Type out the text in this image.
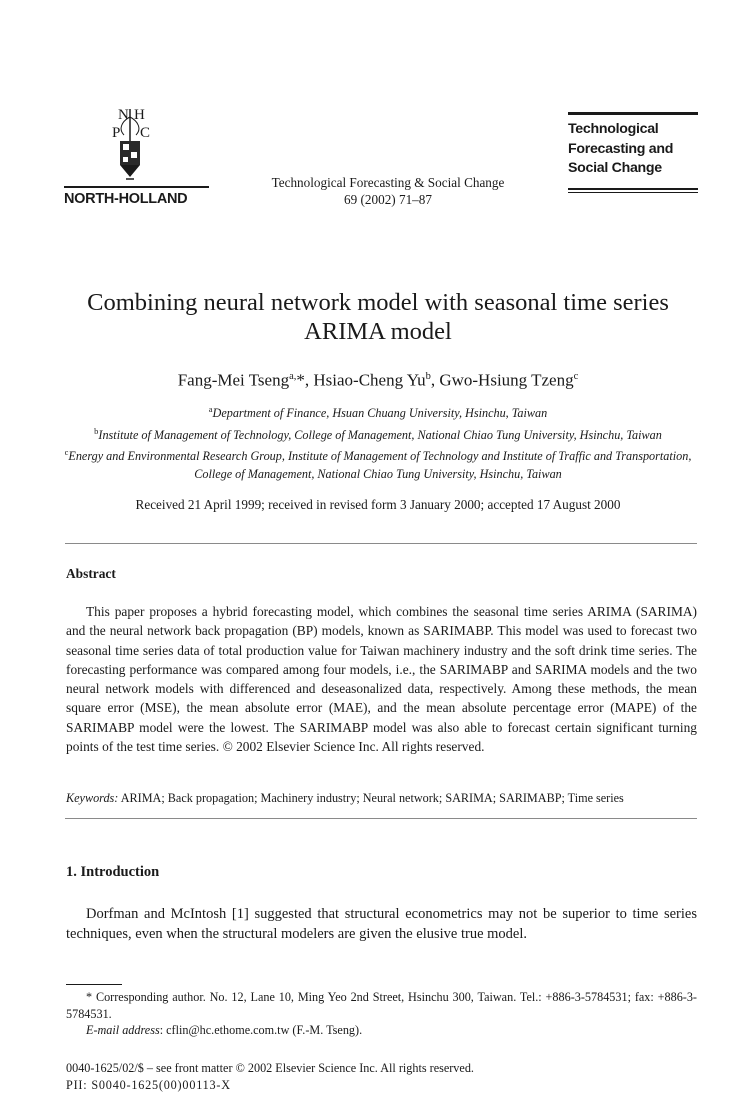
N H
P C
NORTH-HOLLAND
Technological Forecasting & Social Change
69 (2002) 71–87
Technological
Forecasting and
Social Change
Combining neural network model with seasonal time series ARIMA model
Fang-Mei Tseng$^{a,}$*, Hsiao-Cheng Yu$^b$, Gwo-Hsiung Tzeng$^c$
$^a$Department of Finance, Hsuan Chuang University, Hsinchu, Taiwan
$^b$Institute of Management of Technology, College of Management, National Chiao Tung University, Hsinchu, Taiwan
$^c$Energy and Environmental Research Group, Institute of Management of Technology and Institute of Traffic and Transportation, College of Management, National Chiao Tung University, Hsinchu, Taiwan
Received 21 April 1999; received in revised form 3 January 2000; accepted 17 August 2000
Abstract
This paper proposes a hybrid forecasting model, which combines the seasonal time series ARIMA (SARIMA) and the neural network back propagation (BP) models, known as SARIMABP. This model was used to forecast two seasonal time series data of total production value for Taiwan machinery industry and the soft drink time series. The forecasting performance was compared among four models, i.e., the SARIMABP and SARIMA models and the two neural network models with differenced and deseasonalized data, respectively. Among these methods, the mean square error (MSE), the mean absolute error (MAE), and the mean absolute percentage error (MAPE) of the SARIMABP model were the lowest. The SARIMABP model was also able to forecast certain significant turning points of the test time series. © 2002 Elsevier Science Inc. All rights reserved.
Keywords: ARIMA; Back propagation; Machinery industry; Neural network; SARIMA; SARIMABP; Time series
1. Introduction
Dorfman and McIntosh [1] suggested that structural econometrics may not be superior to time series techniques, even when the structural modelers are given the elusive true model.
* Corresponding author. No. 12, Lane 10, Ming Yeo 2nd Street, Hsinchu 300, Taiwan. Tel.: +886-3-5784531; fax: +886-3-5784531.
E-mail address: cflin@hc.ethome.com.tw (F.-M. Tseng).
0040-1625/02/$ – see front matter © 2002 Elsevier Science Inc. All rights reserved.
PII: S0040-1625(00)00113-X
